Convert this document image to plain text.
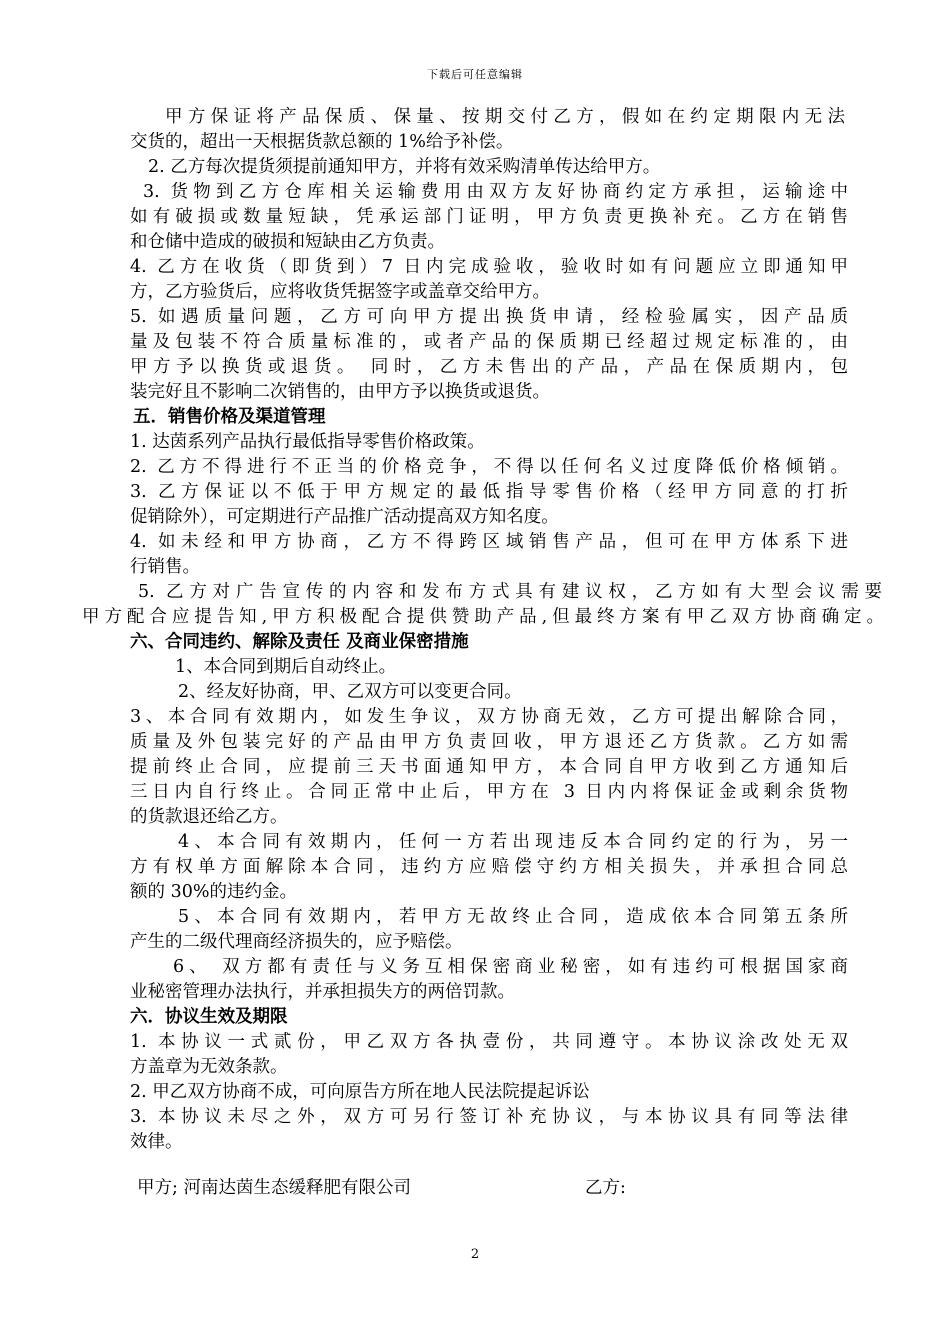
下载后可任意编辑
甲方保证将产品保质、保量、按期交付乙方，假如在约定期限内无法
交货的，超出一天根据货款总额的 1%给予补偿。
2. 乙方每次提货须提前通知甲方，并将有效采购清单传达给甲方。
3. 货物到乙方仓库相关运输费用由双方友好协商约定方承担，运输途中
如有破损或数量短缺，凭承运部门证明，甲方负责更换补充。乙方在销售
和仓储中造成的破损和短缺由乙方负责。
4. 乙方在收货（即货到）7 日内完成验收，验收时如有问题应立即通知甲
方，乙方验货后，应将收货凭据签字或盖章交给甲方。
5. 如遇质量问题，乙方可向甲方提出换货申请，经检验属实，因产品质
量及包装不符合质量标准的，或者产品的保质期已经超过规定标准的，由
甲方予以换货或退货。 同时，乙方未售出的产品，产品在保质期内，包
装完好且不影响二次销售的，由甲方予以换货或退货。
五．销售价格及渠道管理
1. 达茵系列产品执行最低指导零售价格政策。
2. 乙方不得进行不正当的价格竞争，不得以任何名义过度降低价格倾销。
3. 乙方保证以不低于甲方规定的最低指导零售价格（经甲方同意的打折
促销除外），可定期进行产品推广活动提高双方知名度。
4. 如未经和甲方协商，乙方不得跨区域销售产品，但可在甲方体系下进
行销售。
5. 乙方对广告宣传的内容和发布方式具有建议权，乙方如有大型会议需要
甲方配合应提告知,甲方积极配合提供赞助产品,但最终方案有甲乙双方协商确定。
六、合同违约、解除及责任 及商业保密措施
1、本合同到期后自动终止。
2、经友好协商，甲、乙双方可以变更合同。
3、本合同有效期内，如发生争议，双方协商无效，乙方可提出解除合同，
质量及外包装完好的产品由甲方负责回收，甲方退还乙方货款。乙方如需
提前终止合同，应提前三天书面通知甲方，本合同自甲方收到乙方通知后
三日内自行终止。合同正常中止后，甲方在 3 日内内将保证金或剩余货物
的货款退还给乙方。
4、本合同有效期内，任何一方若出现违反本合同约定的行为，另一
方有权单方面解除本合同，违约方应赔偿守约方相关损失，并承担合同总
额的 30%的违约金。
5、本合同有效期内，若甲方无故终止合同，造成依本合同第五条所
产生的二级代理商经济损失的，应予赔偿。
6、 双方都有责任与义务互相保密商业秘密，如有违约可根据国家商
业秘密管理办法执行，并承担损失方的两倍罚款。
六．协议生效及期限
1. 本协议一式贰份，甲乙双方各执壹份，共同遵守。本协议涂改处无双
方盖章为无效条款。
2. 甲乙双方协商不成，可向原告方所在地人民法院提起诉讼
3. 本协议未尽之外，双方可另行签订补充协议，与本协议具有同等法律
效律。
甲方; 河南达茵生态缓释肥有限公司	乙方:
2
